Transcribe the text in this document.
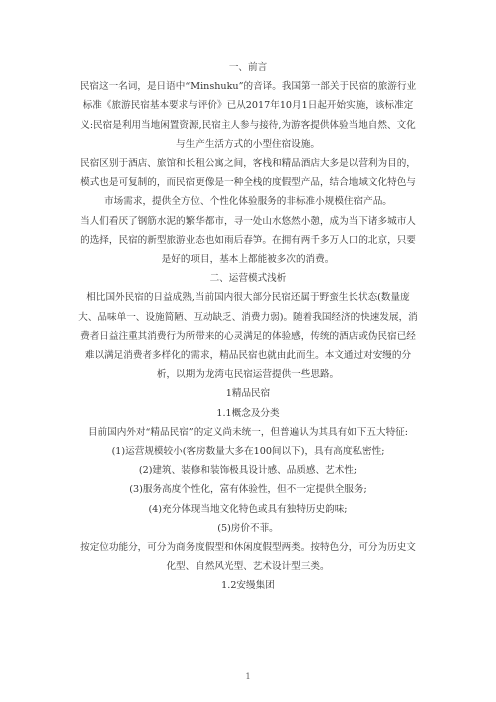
一、前言

民宿这一名词，是日语中“Minshuku”的音译。我国第一部关于民宿的旅游行业标准《旅游民宿基本要求与评价》已从2017年10月1日起开始实施，该标准定义:民宿是利用当地闲置资源,民宿主人参与接待,为游客提供体验当地自然、文化与生产生活方式的小型住宿设施。

民宿区别于酒店、旅馆和长租公寓之间，客栈和精品酒店大多是以营利为目的，模式也是可复制的，而民宿更像是一种全栈的度假型产品，结合地域文化特色与市场需求，提供全方位、个性化体验服务的非标准小规模住宿产品。

当人们看厌了钢筋水泥的繁华都市，寻一处山水悠然小憩，成为当下诸多城市人的选择，民宿的新型旅游业态也如雨后春笋。在拥有两千多万人口的北京，只要是好的项目，基本上都能被多次的消费。

二、运营模式浅析

相比国外民宿的日益成熟,当前国内很大部分民宿还属于野蛮生长状态(数量庞大、品味单一、设施简陋、互动缺乏、消费力弱)。随着我国经济的快速发展，消费者日益注重其消费行为所带来的心灵满足的体验感，传统的酒店或伪民宿已经难以满足消费者多样化的需求，精品民宿也就由此而生。本文通过对安缦的分析，以期为龙湾屯民宿运营提供一些思路。

1精品民宿

1.1概念及分类

目前国内外对“精品民宿”的定义尚未统一，但普遍认为其具有如下五大特征:

(1)运营规模较小(客房数量大多在100间以下)，具有高度私密性;

(2)建筑、装修和装饰极具设计感、品质感、艺术性;

(3)服务高度个性化，富有体验性，但不一定提供全服务;

(4)充分体现当地文化特色或具有独特历史韵味;

(5)房价不菲。

按定位功能分，可分为商务度假型和休闲度假型两类。按特色分，可分为历史文化型、自然风光型、艺术设计型三类。

1.2安缦集团

1
